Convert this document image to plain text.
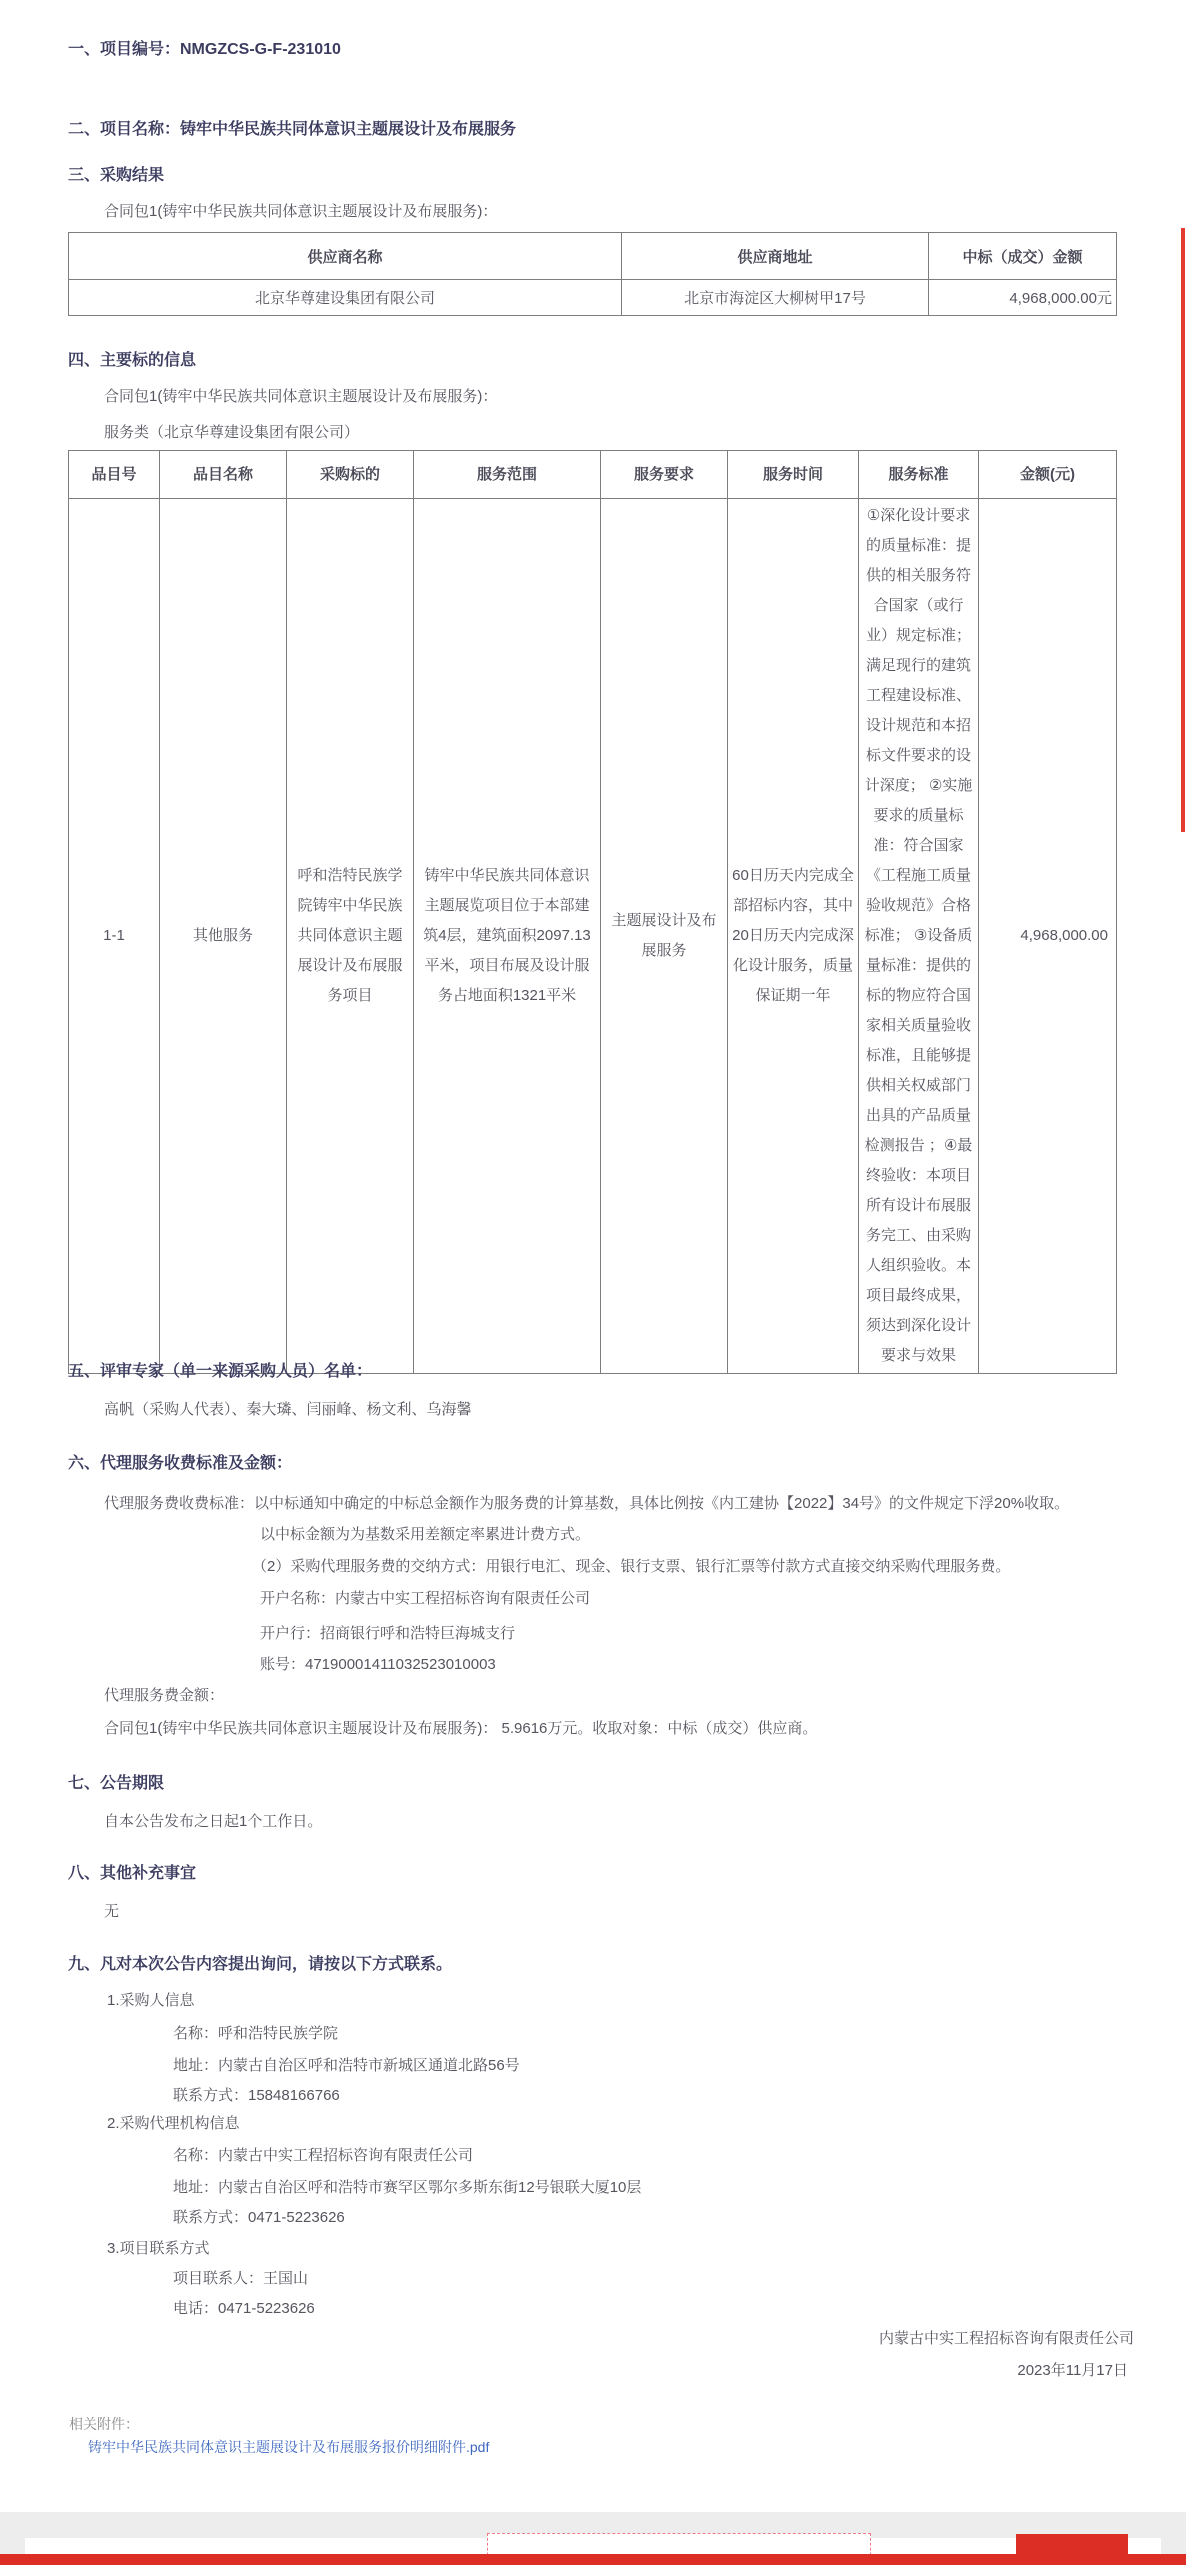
一、项目编号：NMGZCS-G-F-231010
二、项目名称：铸牢中华民族共同体意识主题展设计及布展服务
三、采购结果
合同包1(铸牢中华民族共同体意识主题展设计及布展服务)：
供应商名称	供应商地址	中标（成交）金额
北京华尊建设集团有限公司	北京市海淀区大柳树甲17号	4,968,000.00元
四、主要标的信息
合同包1(铸牢中华民族共同体意识主题展设计及布展服务)：
服务类（北京华尊建设集团有限公司）
品目号	品目名称	采购标的	服务范围	服务要求	服务时间	服务标准	金额(元)
1-1	其他服务	呼和浩特民族学院铸牢中华民族共同体意识主题展设计及布展服务项目	铸牢中华民族共同体意识主题展览项目位于本部建筑4层，建筑面积2097.13平米，项目布展及设计服务占地面积1321平米	主题展设计及布展服务	60日历天内完成全部招标内容，其中20日历天内完成深化设计服务，质量保证期一年	①深化设计要求的质量标准：提供的相关服务符合国家（或行业）规定标准；满足现行的建筑工程建设标准、设计规范和本招标文件要求的设计深度； ②实施要求的质量标准：符合国家《工程施工质量验收规范》合格标准； ③设备质量标准：提供的标的物应符合国家相关质量验收标准，且能够提供相关权威部门出具的产品质量检测报告 ；④最终验收：本项目所有设计布展服务完工、由采购人组织验收。本项目最终成果，须达到深化设计要求与效果	4,968,000.00
五、评审专家（单一来源采购人员）名单：
高帆（采购人代表）、秦大璘、闫丽峰、杨文利、乌海馨
六、代理服务收费标准及金额：
代理服务费收费标准：以中标通知中确定的中标总金额作为服务费的计算基数，具体比例按《内工建协【2022】34号》的文件规定下浮20%收取。
以中标金额为为基数采用差额定率累进计费方式。
（2）采购代理服务费的交纳方式：用银行电汇、现金、银行支票、银行汇票等付款方式直接交纳采购代理服务费。
开户名称：内蒙古中实工程招标咨询有限责任公司
开户行：招商银行呼和浩特巨海城支行
账号：47190001411032523010003
代理服务费金额：
合同包1(铸牢中华民族共同体意识主题展设计及布展服务)： 5.9616万元。收取对象：中标（成交）供应商。
七、公告期限
自本公告发布之日起1个工作日。
八、其他补充事宜
无
九、凡对本次公告内容提出询问，请按以下方式联系。
1.采购人信息
名称：呼和浩特民族学院
地址：内蒙古自治区呼和浩特市新城区通道北路56号
联系方式：15848166766
2.采购代理机构信息
名称：内蒙古中实工程招标咨询有限责任公司
地址：内蒙古自治区呼和浩特市赛罕区鄂尔多斯东街12号银联大厦10层
联系方式：0471-5223626
3.项目联系方式
项目联系人：王国山
电话：0471-5223626
内蒙古中实工程招标咨询有限责任公司
2023年11月17日
相关附件：
铸牢中华民族共同体意识主题展设计及布展服务报价明细附件.pdf
